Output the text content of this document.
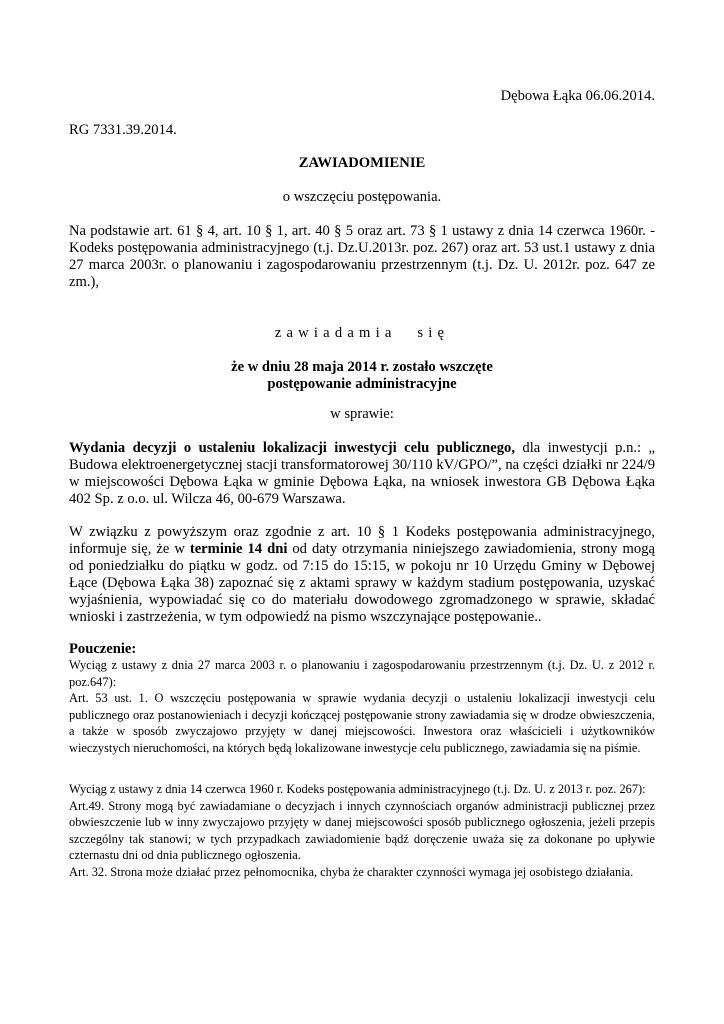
Dębowa Łąka 06.06.2014.

RG 7331.39.2014.

ZAWIADOMIENIE

o wszczęciu postępowania.

Na podstawie art. 61 § 4, art. 10 § 1, art. 40 § 5 oraz art. 73 § 1 ustawy z dnia 14 czerwca 1960r. - Kodeks postępowania administracyjnego (t.j. Dz.U.2013r. poz. 267) oraz art. 53 ust.1 ustawy z dnia 27 marca 2003r. o planowaniu i zagospodarowaniu przestrzennym (t.j. Dz. U. 2012r. poz. 647 ze zm.),

zawiadamia się

że w dniu 28 maja 2014 r. zostało wszczęte

postępowanie administracyjne

w sprawie:

Wydania decyzji o ustaleniu lokalizacji inwestycji celu publicznego, dla inwestycji p.n.: „ Budowa elektroenergetycznej stacji transformatorowej 30/110 kV/GPO/”, na części działki nr 224/9 w miejscowości Dębowa Łąka w gminie Dębowa Łąka, na wniosek inwestora GB Dębowa Łąka 402 Sp. z o.o. ul. Wilcza 46, 00-679 Warszawa.

W związku z powyższym oraz zgodnie z art. 10 § 1 Kodeks postępowania administracyjnego, informuje się, że w terminie 14 dni od daty otrzymania niniejszego zawiadomienia, strony mogą od poniedziałku do piątku w godz. od 7:15 do 15:15, w pokoju nr 10 Urzędu Gminy w Dębowej Łące (Dębowa Łąka 38) zapoznać się z aktami sprawy w każdym stadium postępowania, uzyskać wyjaśnienia, wypowiadać się co do materiału dowodowego zgromadzonego w sprawie, składać wnioski i zastrzeżenia, w tym odpowiedź na pismo wszczynające postępowanie..

Pouczenie:

Wyciąg z ustawy z dnia 27 marca 2003 r. o planowaniu i zagospodarowaniu przestrzennym (t.j. Dz. U. z 2012 r. poz.647):

Art. 53 ust. 1. O wszczęciu postępowania w sprawie wydania decyzji o ustaleniu lokalizacji inwestycji celu publicznego oraz postanowieniach i decyzji kończącej postępowanie strony zawiadamia się w drodze obwieszczenia, a także w sposób zwyczajowo przyjęty w danej miejscowości. Inwestora oraz właścicieli i użytkowników wieczystych nieruchomości, na których będą lokalizowane inwestycje celu publicznego, zawiadamia się na piśmie.

Wyciąg z ustawy z dnia 14 czerwca 1960 r. Kodeks postępowania administracyjnego (t.j. Dz. U. z 2013 r. poz. 267):

Art.49. Strony mogą być zawiadamiane o decyzjach i innych czynnościach organów administracji publicznej przez obwieszczenie lub w inny zwyczajowo przyjęty w danej miejscowości sposób publicznego ogłoszenia, jeżeli przepis szczególny tak stanowi; w tych przypadkach zawiadomienie bądź doręczenie uważa się za dokonane po upływie czternastu dni od dnia publicznego ogłoszenia.

Art. 32. Strona może działać przez pełnomocnika, chyba że charakter czynności wymaga jej osobistego działania.
